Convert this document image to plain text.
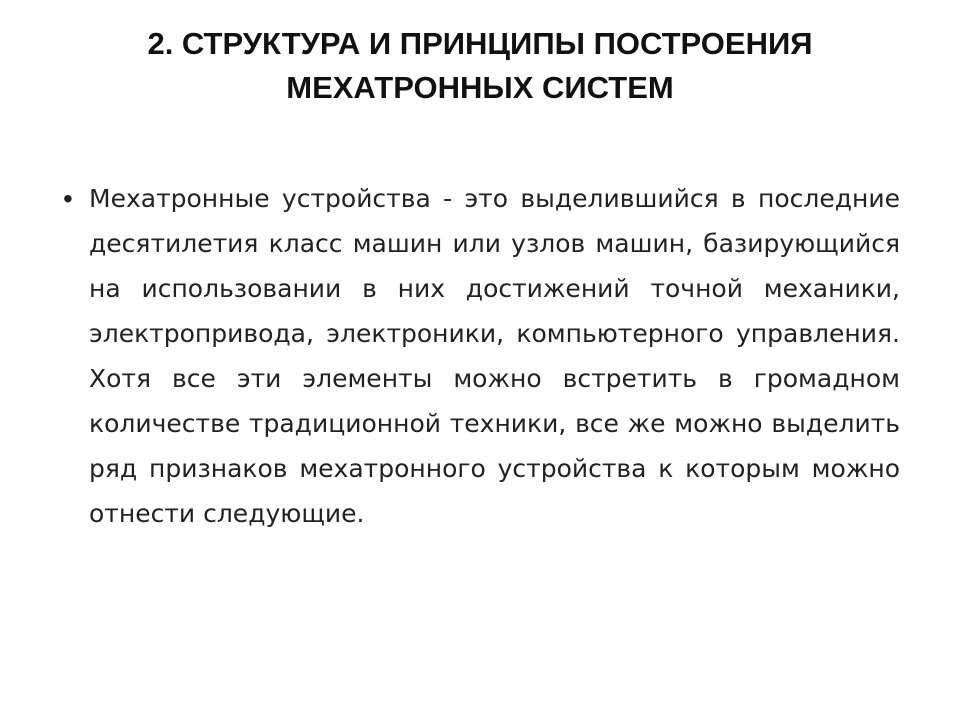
2. СТРУКТУРА И ПРИНЦИПЫ ПОСТРОЕНИЯ
МЕХАТРОННЫХ СИСТЕМ
• Мехатронные устройства - это выделившийся в последние десятилетия класс машин или узлов машин, базирующийся на использовании в них достижений точной механики, электропривода, электроники, компьютерного управления. Хотя все эти элементы можно встретить в громадном количестве традиционной техники, все же можно выделить ряд признаков мехатронного устройства к которым можно отнести следующие.
